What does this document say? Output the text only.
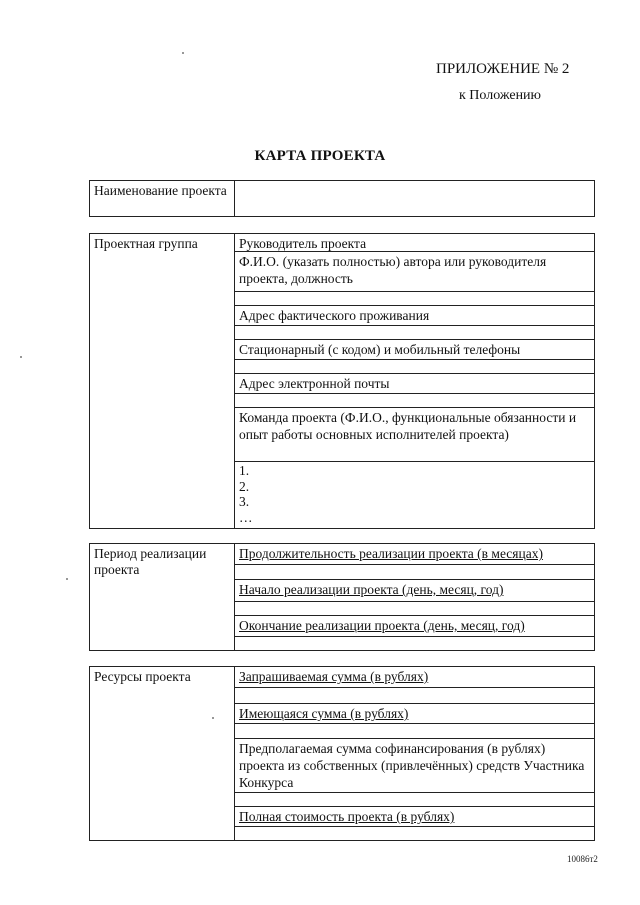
ПРИЛОЖЕНИЕ № 2
к Положению
КАРТА ПРОЕКТА
Наименование проекта
Проектная группа	Руководитель проекта
Ф.И.О. (указать полностью) автора или руководителя проекта, должность
Адрес фактического проживания
Стационарный (с кодом) и мобильный телефоны
Адрес электронной почты
Команда проекта (Ф.И.О., функциональные обязанности и опыт работы основных исполнителей проекта)
1.
2.
3.
…
Период реализации проекта
Продолжительность реализации проекта (в месяцах)
Начало реализации проекта (день, месяц, год)
Окончание реализации проекта (день, месяц, год)
Ресурсы проекта	Запрашиваемая сумма (в рублях)
Имеющаяся сумма (в рублях)
Предполагаемая сумма софинансирования (в рублях) проекта из собственных (привлечённых) средств Участника Конкурса
Полная стоимость проекта (в рублях)
10086т2
